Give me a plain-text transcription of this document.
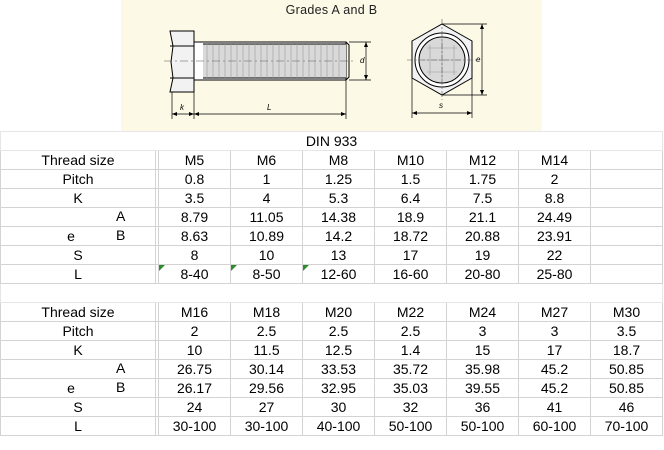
Grades A and B
k	L
d
s
e
DIN 933								
Thread size		M5	M6	M8	M10	M12	M14	
Pitch		0.8	1	1.25	1.5	1.75	2	
K		3.5	4	5.3	6.4	7.5	8.8	

	A	8.79	11.05	14.38	18.9	21.1	24.49	
e	B	8.63	10.89	14.2	18.72	20.88	23.91	
S		8	10	13	17	19	22	
L		8-40	8-50	12-60	16-60	20-80	25-80	

Thread size		M16	M18	M20	M22	M24	M27	M30
Pitch		2	2.5	2.5	2.5	3	3	3.5
K		10	11.5	12.5	1.4	15	17	18.7

	A	26.75	30.14	33.53	35.72	35.98	45.2	50.85
e	B	26.17	29.56	32.95	35.03	39.55	45.2	50.85
S		24	27	30	32	36	41	46
L		30-100	30-100	40-100	50-100	50-100	60-100	70-100
